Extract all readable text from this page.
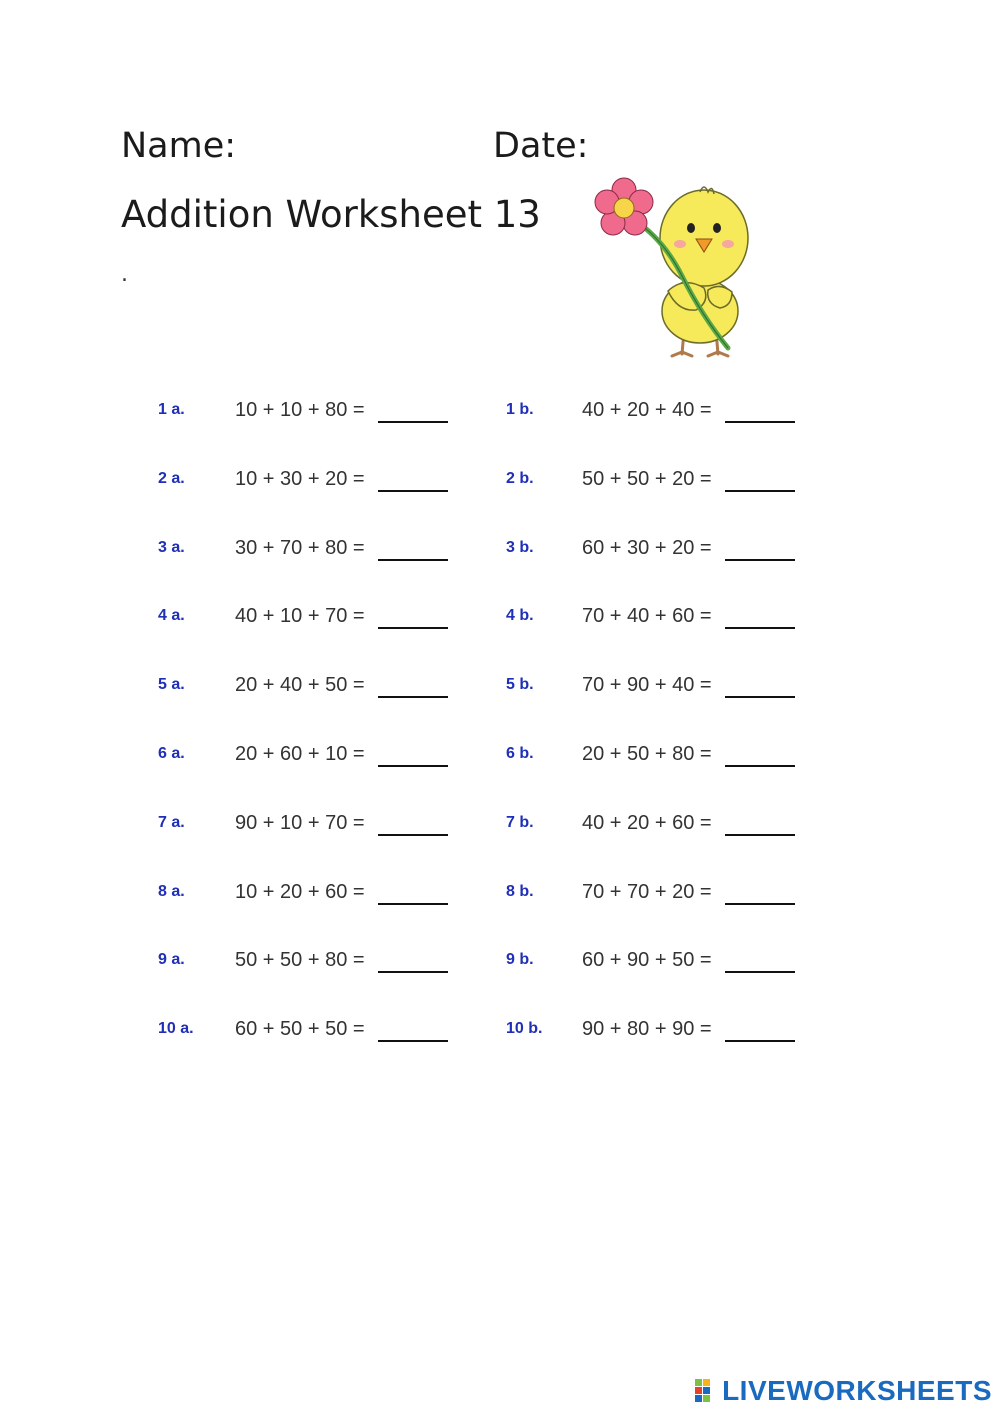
Name:	Date:
Addition Worksheet 13
.
1 a.	10 + 10 + 80 =	1 b. 40 + 20 + 40 =
2 a.	10 + 30 + 20 =	2 b. 50 + 50 + 20 =
3 a.	30 + 70 + 80 =	3 b. 60 + 30 + 20 =
4 a.	40 + 10 + 70 =	4 b. 70 + 40 + 60 =
5 a.	20 + 40 + 50 =	5 b. 70 + 90 + 40 =
6 a.	20 + 60 + 10 =	6 b. 20 + 50 + 80 =
7 a.	90 + 10 + 70 =	7 b. 40 + 20 + 60 =
8 a.	10 + 20 + 60 =	8 b. 70 + 70 + 20 =
9 a.	50 + 50 + 80 =	9 b. 60 + 90 + 50 =
10 a. 60 + 50 + 50 =	10 b. 90 + 80 + 90 =
LIVEWORKSHEETS
